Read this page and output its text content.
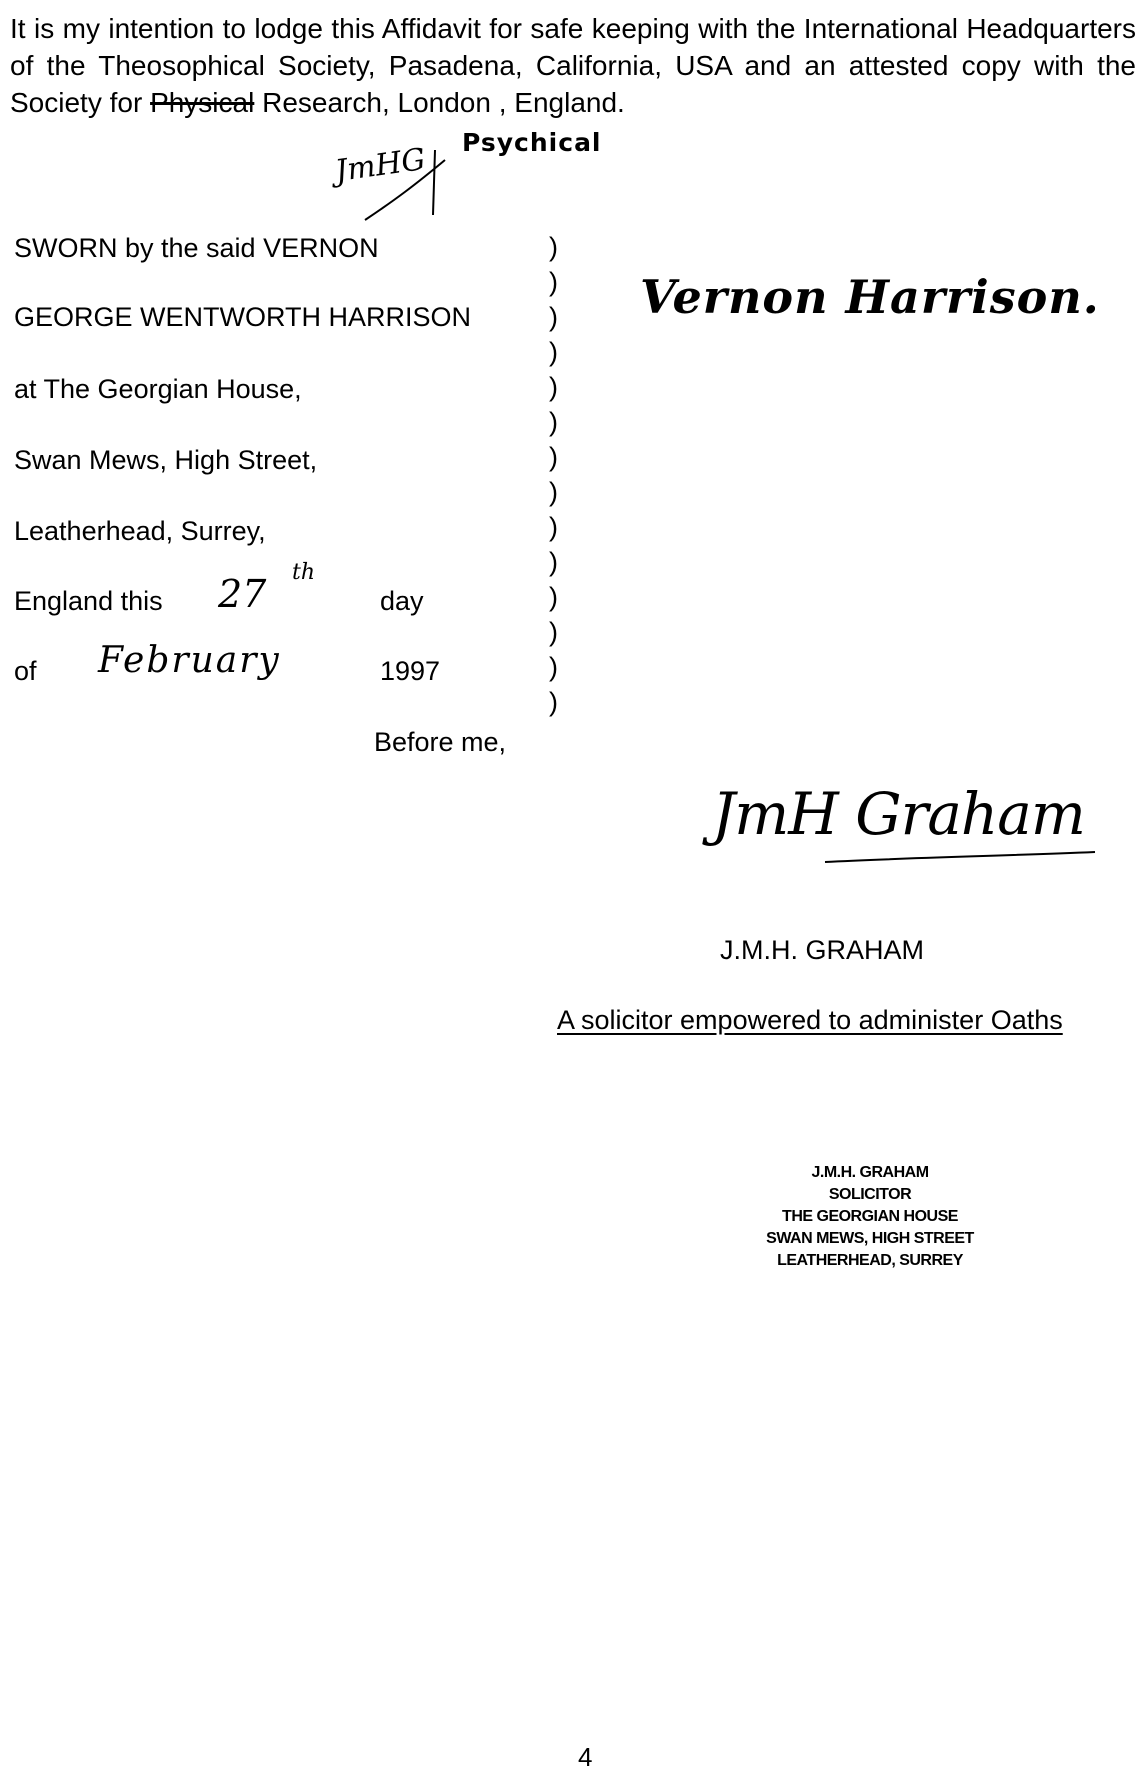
It is my intention to lodge this Affidavit for safe keeping with the International Headquarters of the Theosophical Society, Pasadena, California, USA and an attested copy with the Society for Physical Research, London , England.
JmHG Psychical
SWORN by the said VERNON
GEORGE WENTWORTH HARRISON
at The Georgian House,
Swan Mews, High Street,
Leatherhead, Surrey,
England this 27 th
day
of February	1997
Before me,
)
)
)
)
)
)
)
)
)
)
)
)
)
)
Vernon Harrison.
JmH Graham
J.M.H. GRAHAM
A solicitor empowered to administer Oaths
J.M.H. GRAHAM
SOLICITOR
THE GEORGIAN HOUSE
SWAN MEWS, HIGH STREET
LEATHERHEAD, SURREY
4
